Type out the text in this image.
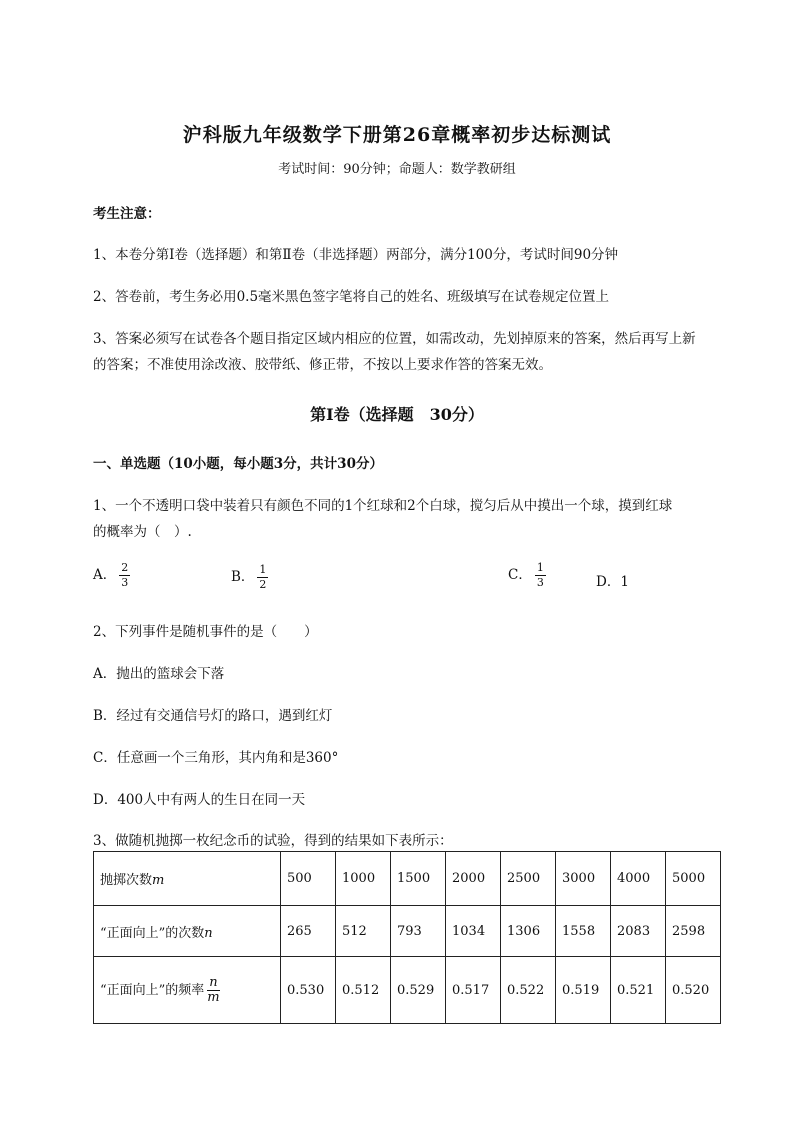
沪科版九年级数学下册第26章概率初步达标测试
考试时间：90分钟；命题人：数学教研组
考生注意：
1、本卷分第I卷（选择题）和第Ⅱ卷（非选择题）两部分，满分100分，考试时间90分钟
2、答卷前，考生务必用0.5毫米黑色签字笔将自己的姓名、班级填写在试卷规定位置上
3、答案必须写在试卷各个题目指定区域内相应的位置，如需改动，先划掉原来的答案，然后再写上新
的答案；不准使用涂改液、胶带纸、修正带，不按以上要求作答的答案无效。
第I卷（选择题　30分）
一、单选题（10小题，每小题3分，共计30分）
1、一个不透明口袋中装着只有颜色不同的1个红球和2个白球，搅匀后从中摸出一个球，摸到红球
的概率为（　）.
A． $\frac{2}{3}$	B． $\frac{1}{2}$	C． $\frac{1}{3}$	D．1
2、下列事件是随机事件的是（　　）
A．抛出的篮球会下落
B．经过有交通信号灯的路口，遇到红灯
C．任意画一个三角形，其内角和是360°
D．400人中有两人的生日在同一天
3、做随机抛掷一枚纪念币的试验，得到的结果如下表所示：
抛掷次数m	500	1000	1500	2000	2500	3000	4000	5000
“正面向上”的次数n	265	512	793	1034	1306	1558	2083	2598
“正面向上”的频率 $\frac{n}{m}$	0.530	0.512	0.529	0.517	0.522	0.519	0.521	0.520
